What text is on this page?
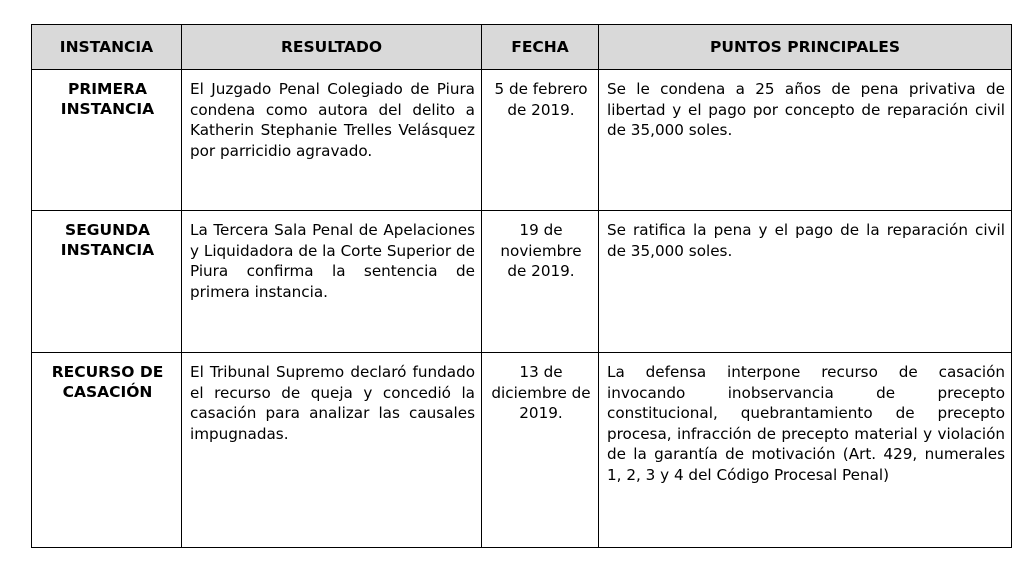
INSTANCIA	RESULTADO	FECHA	PUNTOS PRINCIPALES

PRIMERA INSTANCIA	El Juzgado Penal Colegiado de Piura condena como autora del delito a Katherin Stephanie Trelles Velásquez por parricidio agravado.	5 de febrero de 2019.	Se le condena a 25 años de pena privativa de libertad y el pago por concepto de reparación civil de 35,000 soles.

SEGUNDA INSTANCIA	La Tercera Sala Penal de Apelaciones y Liquidadora de la Corte Superior de Piura confirma la sentencia de primera instancia.	19 de noviembre de 2019.	Se ratifica la pena y el pago de la reparación civil de 35,000 soles.

RECURSO DE CASACIÓN	El Tribunal Supremo declaró fundado el recurso de queja y concedió la casación para analizar las causales impugnadas.	13 de diciembre de 2019.	La defensa interpone recurso de casación invocando inobservancia de precepto constitucional, quebrantamiento de precepto procesa, infracción de precepto material y violación de la garantía de motivación (Art. 429, numerales 1, 2, 3 y 4 del Código Procesal Penal)
